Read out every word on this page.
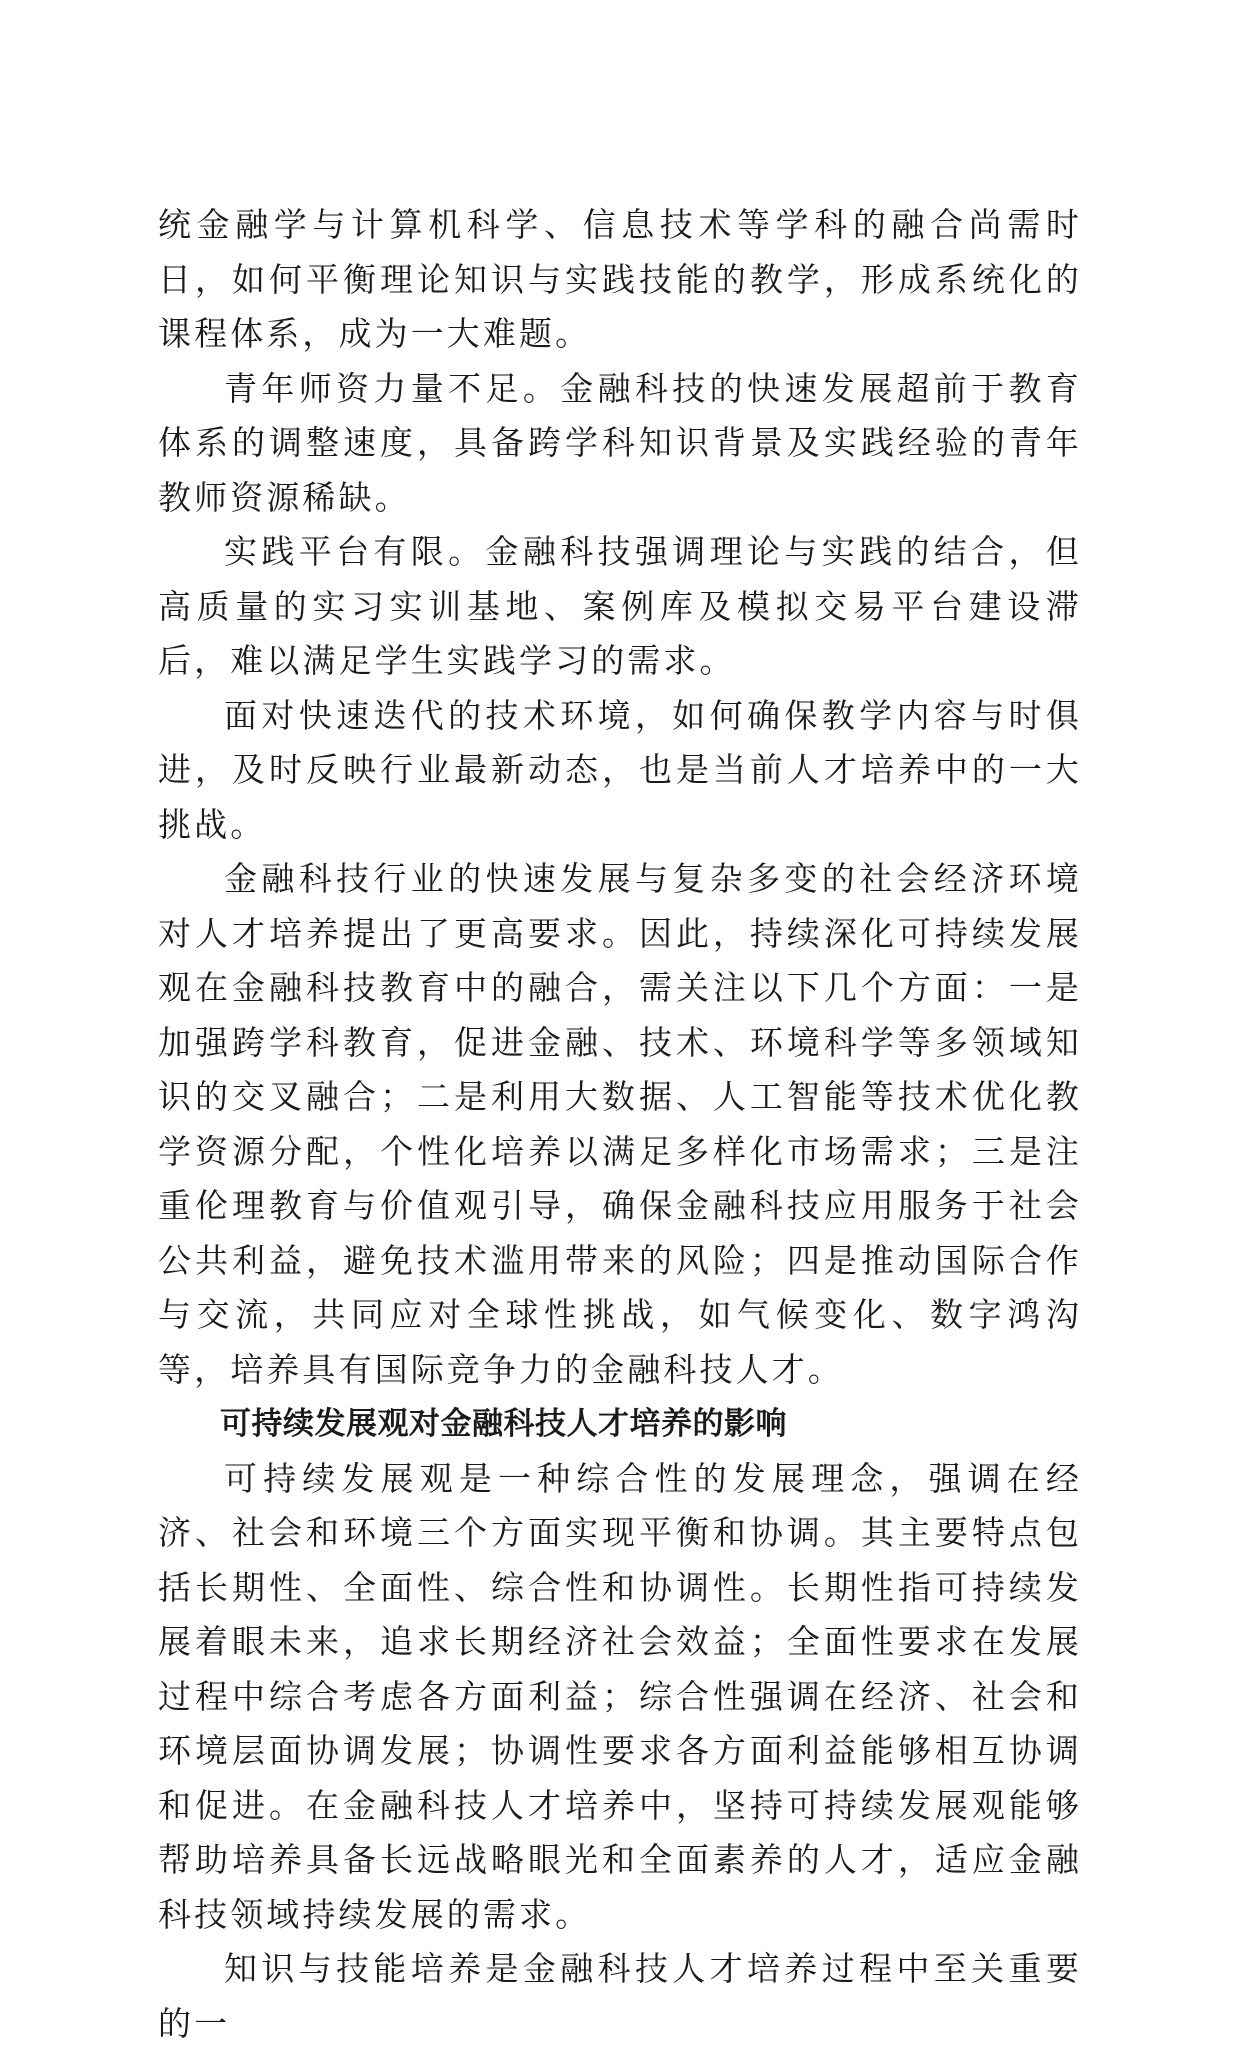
统金融学与计算机科学、信息技术等学科的融合尚需时日，如何平衡理论知识与实践技能的教学，形成系统化的课程体系，成为一大难题。

青年师资力量不足。金融科技的快速发展超前于教育体系的调整速度，具备跨学科知识背景及实践经验的青年教师资源稀缺。

实践平台有限。金融科技强调理论与实践的结合，但高质量的实习实训基地、案例库及模拟交易平台建设滞后，难以满足学生实践学习的需求。

面对快速迭代的技术环境，如何确保教学内容与时俱进，及时反映行业最新动态，也是当前人才培养中的一大挑战。

金融科技行业的快速发展与复杂多变的社会经济环境对人才培养提出了更高要求。因此，持续深化可持续发展观在金融科技教育中的融合，需关注以下几个方面：一是加强跨学科教育，促进金融、技术、环境科学等多领域知识的交叉融合；二是利用大数据、人工智能等技术优化教学资源分配，个性化培养以满足多样化市场需求；三是注重伦理教育与价值观引导，确保金融科技应用服务于社会公共利益，避免技术滥用带来的风险；四是推动国际合作与交流，共同应对全球性挑战，如气候变化、数字鸿沟等，培养具有国际竞争力的金融科技人才。

可持续发展观对金融科技人才培养的影响

可持续发展观是一种综合性的发展理念，强调在经济、社会和环境三个方面实现平衡和协调。其主要特点包括长期性、全面性、综合性和协调性。长期性指可持续发展着眼未来，追求长期经济社会效益；全面性要求在发展过程中综合考虑各方面利益；综合性强调在经济、社会和环境层面协调发展；协调性要求各方面利益能够相互协调和促进。在金融科技人才培养中，坚持可持续发展观能够帮助培养具备长远战略眼光和全面素养的人才，适应金融科技领域持续发展的需求。

知识与技能培养是金融科技人才培养过程中至关重要的一
